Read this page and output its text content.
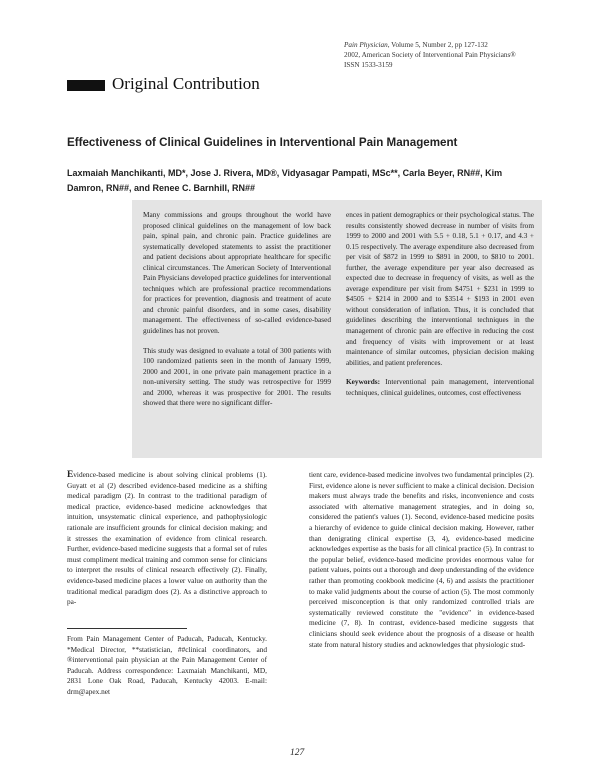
Pain Physician, Volume 5, Number 2, pp 127-132
2002, American Society of Interventional Pain Physicians®
ISSN 1533-3159
Original Contribution
Effectiveness of Clinical Guidelines in Interventional Pain Management
Laxmaiah Manchikanti, MD*, Jose J. Rivera, MD®, Vidyasagar Pampati, MSc**, Carla Beyer, RN##, Kim Damron, RN##, and Renee C. Barnhill, RN##

Many commissions and groups throughout the world have proposed clinical guidelines on the management of low back pain, spinal pain, and chronic pain. Practice guidelines are systematically developed statements to assist the practitioner and patient decisions about appropriate healthcare for specific clinical circumstances. The American Society of Interventional Pain Physicians developed practice guidelines for interventional techniques which are professional practice recommendations for practices for prevention, diagnosis and treatment of acute and chronic painful disorders, and in some cases, disability management. The effectiveness of so-called evidence-based guidelines has not proven.

This study was designed to evaluate a total of 300 patients with 100 randomized patients seen in the month of January 1999, 2000 and 2001, in one private pain management practice in a non-university setting. The study was retrospective for 1999 and 2000, whereas it was prospective for 2001. The results showed that there were no significant differ-

ences in patient demographics or their psychological status. The results consistently showed decrease in number of visits from 1999 to 2000 and 2001 with 5.5 + 0.18, 5.1 + 0.17, and 4.3 + 0.15 respectively. The average expenditure also decreased from per visit of $872 in 1999 to $891 in 2000, to $810 to 2001. further, the average expenditure per year also decreased as expected due to decrease in frequency of visits, as well as the average expenditure per visit from $4751 + $231 in 1999 to $4505 + $214 in 2000 and to $3514 + $193 in 2001 even without consideration of inflation. Thus, it is concluded that guidelines describing the interventional techniques in the management of chronic pain are effective in reducing the cost and frequency of visits with improvement or at least maintenance of similar outcomes, physician decision making abilities, and patient preferences.

Keywords: Interventional pain management, interventional techniques, clinical guidelines, outcomes, cost effectiveness

Evidence-based medicine is about solving clinical problems (1). Guyatt et al (2) described evidence-based medicine as a shifting medical paradigm (2). In contrast to the traditional paradigm of medical practice, evidence-based medicine acknowledges that intuition, unsystematic clinical experience, and pathophysiologic rationale are insufficient grounds for clinical decision making; and it stresses the examination of evidence from clinical research. Further, evidence-based medicine suggests that a formal set of rules must compliment medical training and common sense for clinicians to interpret the results of clinical research effectively (2). Finally, evidence-based medicine places a lower value on authority than the traditional medical paradigm does (2). As a distinctive approach to pa-

tient care, evidence-based medicine involves two fundamental principles (2). First, evidence alone is never sufficient to make a clinical decision. Decision makers must always trade the benefits and risks, inconvenience and costs associated with alternative management strategies, and in doing so, considered the patient's values (1). Second, evidence-based medicine posits a hierarchy of evidence to guide clinical decision making. However, rather than denigrating clinical expertise (3, 4), evidence-based medicine acknowledges expertise as the basis for all clinical practice (5). In contrast to the popular belief, evidence-based medicine provides enormous value for patient values, points out a thorough and deep understanding of the evidence rather than promoting cookbook medicine (4, 6) and assists the practitioner to make valid judgments about the course of action (5). The most commonly perceived misconception is that only randomized controlled trials are systematically reviewed constitute the "evidence" in evidence-based medicine (7, 8). In contrast, evidence-based medicine suggests that clinicians should seek evidence about the prognosis of a disease or health state from natural history studies and acknowledges that physiologic stud-

From Pain Management Center of Paducah, Paducah, Kentucky. *Medical Director, **statistician, ##clinical coordinators, and ®interventional pain physician at the Pain Management Center of Paducah. Address correspondence: Laxmaiah Manchikanti, MD, 2831 Lone Oak Road, Paducah, Kentucky 42003. E-mail: drm@apex.net
127
